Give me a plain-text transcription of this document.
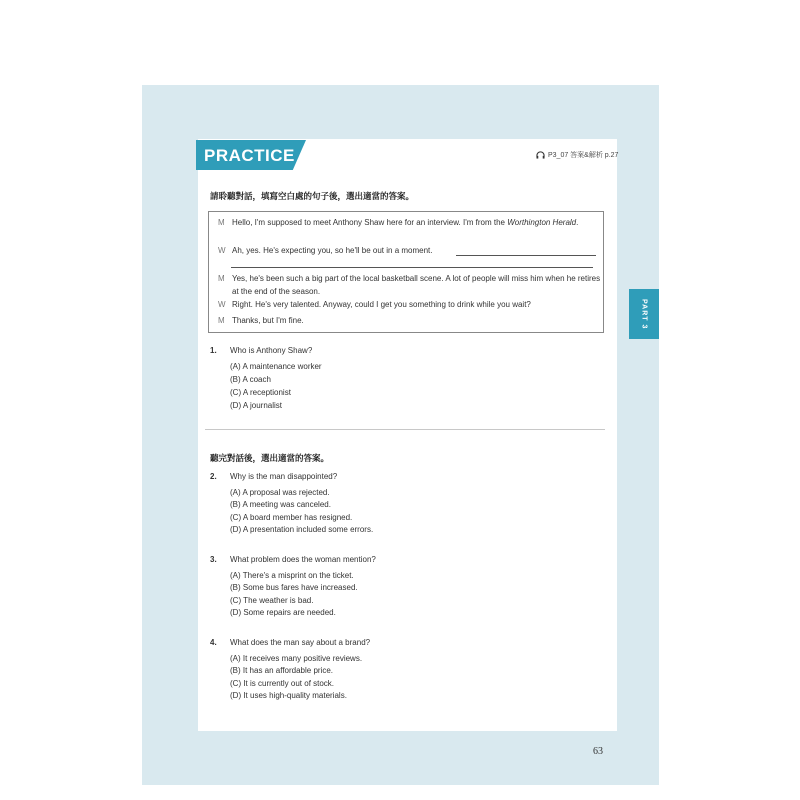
PRACTICE	P3_07 答案&解析 p.27
請聆聽對話，填寫空白處的句子後，選出適當的答案。
M Hello, I'm supposed to meet Anthony Shaw here for an interview. I'm from the Worthington Herald.
W Ah, yes. He's expecting you, so he'll be out in a moment.
M Yes, he's been such a big part of the local basketball scene. A lot of people will miss him when he retires at the end of the season.
W Right. He's very talented. Anyway, could I get you something to drink while you wait?
M Thanks, but I'm fine.
1. Who is Anthony Shaw?
(A) A maintenance worker
(B) A coach
(C) A receptionist
(D) A journalist
聽完對話後，選出適當的答案。
2. Why is the man disappointed?
(A) A proposal was rejected.
(B) A meeting was canceled.
(C) A board member has resigned.
(D) A presentation included some errors.
3. What problem does the woman mention?
(A) There's a misprint on the ticket.
(B) Some bus fares have increased.
(C) The weather is bad.
(D) Some repairs are needed.
4. What does the man say about a brand?
(A) It receives many positive reviews.
(B) It has an affordable price.
(C) It is currently out of stock.
(D) It uses high-quality materials.
PART 3
63
